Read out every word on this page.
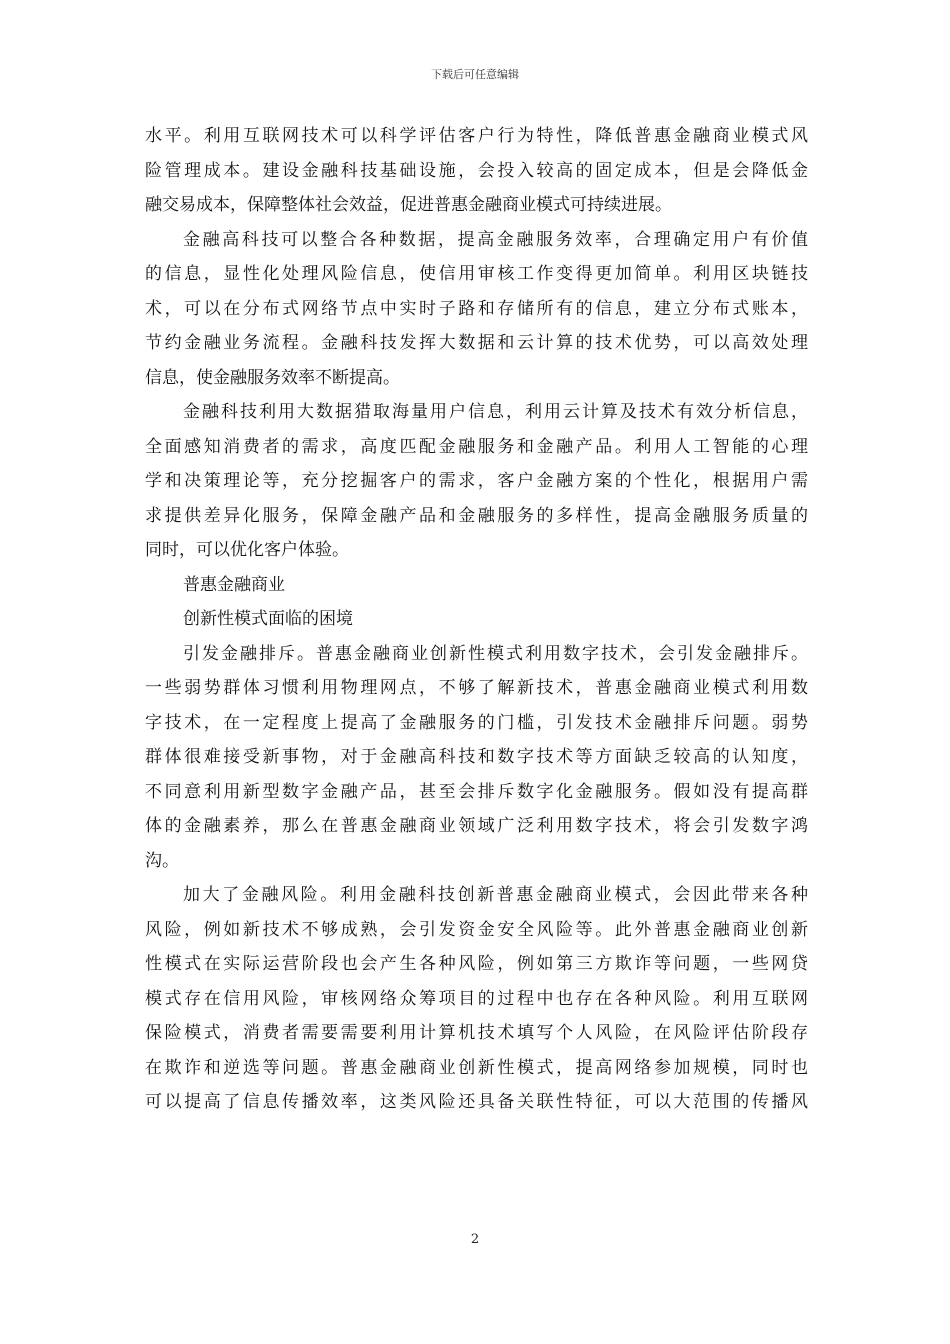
下载后可任意编辑
水平。利用互联网技术可以科学评估客户行为特性，降低普惠金融商业模式风
险管理成本。建设金融科技基础设施，会投入较高的固定成本，但是会降低金
融交易成本，保障整体社会效益，促进普惠金融商业模式可持续进展。
金融高科技可以整合各种数据，提高金融服务效率，合理确定用户有价值
的信息，显性化处理风险信息，使信用审核工作变得更加简单。利用区块链技
术，可以在分布式网络节点中实时子路和存储所有的信息，建立分布式账本，
节约金融业务流程。金融科技发挥大数据和云计算的技术优势，可以高效处理
信息，使金融服务效率不断提高。
金融科技利用大数据猎取海量用户信息，利用云计算及技术有效分析信息，
全面感知消费者的需求，高度匹配金融服务和金融产品。利用人工智能的心理
学和决策理论等，充分挖掘客户的需求，客户金融方案的个性化，根据用户需
求提供差异化服务，保障金融产品和金融服务的多样性，提高金融服务质量的
同时，可以优化客户体验。
普惠金融商业
创新性模式面临的困境
引发金融排斥。普惠金融商业创新性模式利用数字技术，会引发金融排斥。
一些弱势群体习惯利用物理网点，不够了解新技术，普惠金融商业模式利用数
字技术，在一定程度上提高了金融服务的门槛，引发技术金融排斥问题。弱势
群体很难接受新事物，对于金融高科技和数字技术等方面缺乏较高的认知度，
不同意利用新型数字金融产品，甚至会排斥数字化金融服务。假如没有提高群
体的金融素养，那么在普惠金融商业领域广泛利用数字技术，将会引发数字鸿
沟。
加大了金融风险。利用金融科技创新普惠金融商业模式，会因此带来各种
风险，例如新技术不够成熟，会引发资金安全风险等。此外普惠金融商业创新
性模式在实际运营阶段也会产生各种风险，例如第三方欺诈等问题，一些网贷
模式存在信用风险，审核网络众筹项目的过程中也存在各种风险。利用互联网
保险模式，消费者需要需要利用计算机技术填写个人风险，在风险评估阶段存
在欺诈和逆选等问题。普惠金融商业创新性模式，提高网络参加规模，同时也
可以提高了信息传播效率，这类风险还具备关联性特征，可以大范围的传播风
2
